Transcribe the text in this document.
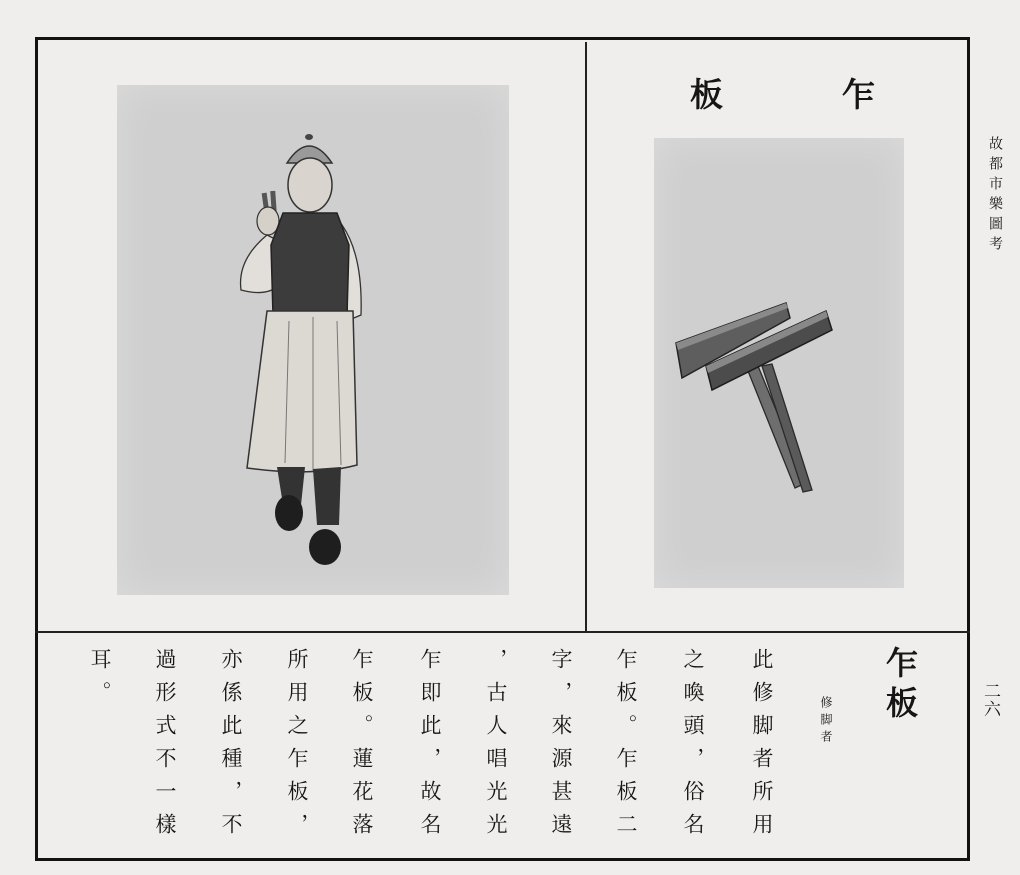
板	乍
故都市樂圖考
二六
乍板
修脚者
此修脚者所用
之喚頭，俗名
乍板。乍板二
字，來源甚遠
，古人唱光光
乍即此，故名
乍板。蓮花落
所用之乍板，
亦係此種，不
過形式不一樣
耳。
